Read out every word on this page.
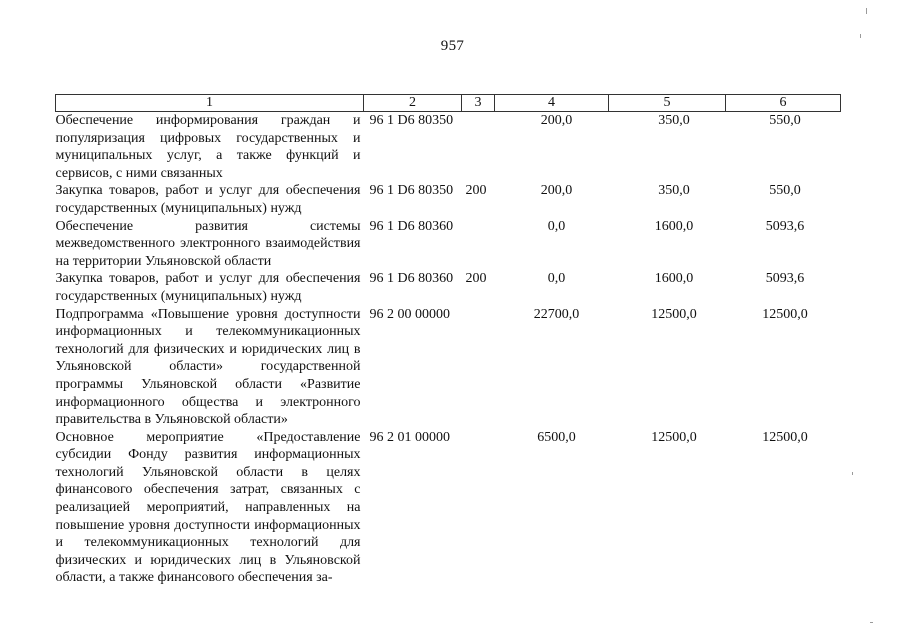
957
1	2	3	4	5	6
Обеспечение информирования граждан и популяризация цифровых государственных и муниципальных услуг, а также функций и сервисов, с ними связанных	96 1 D6 80350		200,0	350,0	550,0
Закупка товаров, работ и услуг для обеспечения государственных (муниципальных) нужд	96 1 D6 80350	200	200,0	350,0	550,0
Обеспечение развития системы межведомственного электронного взаимодействия на территории Ульяновской области	96 1 D6 80360		0,0	1600,0	5093,6
Закупка товаров, работ и услуг для обеспечения государственных (муниципальных) нужд	96 1 D6 80360	200	0,0	1600,0	5093,6
Подпрограмма «Повышение уровня доступности информационных и телекоммуникационных технологий для физических и юридических лиц в Ульяновской области» государственной программы Ульяновской области «Развитие информационного общества и электронного правительства в Ульяновской области»	96 2 00 00000		22700,0	12500,0	12500,0
Основное мероприятие «Предоставление субсидии Фонду развития информационных технологий Ульяновской области в целях финансового обеспечения затрат, связанных с реализацией мероприятий, направленных на повышение уровня доступности информационных и телекоммуникационных технологий для физических и юридических лиц в Ульяновской области, а также финансового обеспечения за-	96 2 01 00000		6500,0	12500,0	12500,0
